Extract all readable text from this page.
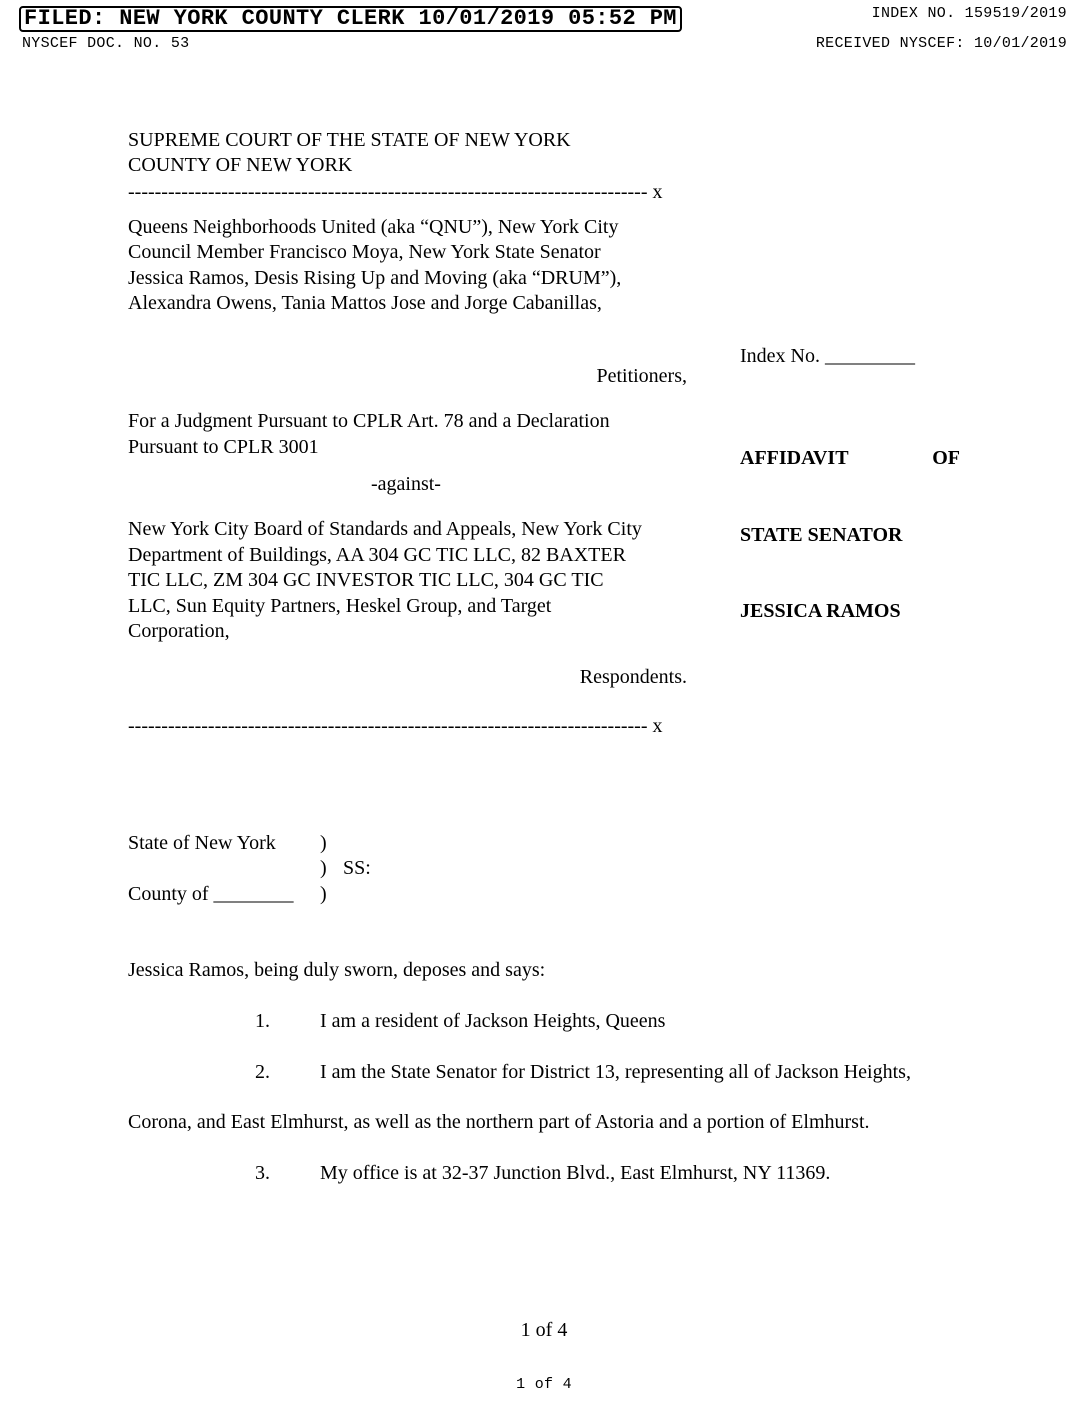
FILED: NEW YORK COUNTY CLERK 10/01/2019 05:52 PM	INDEX NO. 159519/2019
NYSCEF DOC. NO. 53	RECEIVED NYSCEF: 10/01/2019
SUPREME COURT OF THE STATE OF NEW YORK
COUNTY OF NEW YORK
------------------------------------------------------------------------------ x
Queens Neighborhoods United (aka “QNU”), New York City
Council Member Francisco Moya, New York State Senator
Jessica Ramos, Desis Rising Up and Moving (aka “DRUM”),
Alexandra Owens, Tania Mattos Jose and Jorge Cabanillas,
Petitioners,
For a Judgment Pursuant to CPLR Art. 78 and a Declaration
Pursuant to CPLR 3001
-against-
New York City Board of Standards and Appeals, New York City
Department of Buildings, AA 304 GC TIC LLC, 82 BAXTER
TIC LLC, ZM 304 GC INVESTOR TIC LLC, 304 GC TIC
LLC, Sun Equity Partners, Heskel Group, and Target
Corporation,
Respondents.
------------------------------------------------------------------------------ x
Index No. _________

AFFIDAVIT	OF

STATE SENATOR

JESSICA RAMOS

State of New York )
) SS:
County of ________ )
Jessica Ramos, being duly sworn, deposes and says:
1.	I am a resident of Jackson Heights, Queens
2.	I am the State Senator for District 13, representing all of Jackson Heights,
Corona, and East Elmhurst, as well as the northern part of Astoria and a portion of Elmhurst.
3.	My office is at 32-37 Junction Blvd., East Elmhurst, NY 11369.
1 of 4
1 of 4
